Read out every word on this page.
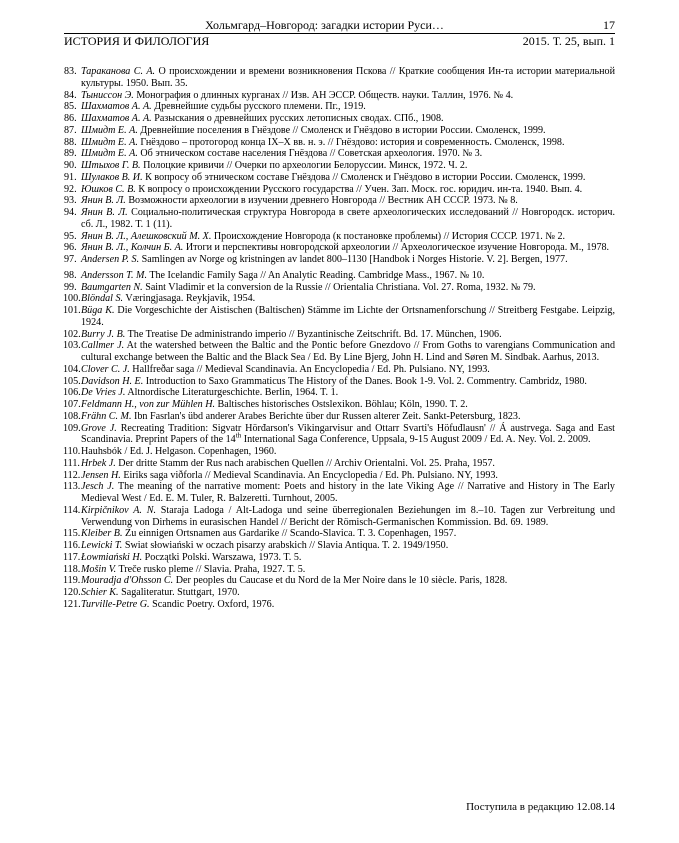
Хольмгард–Новгород: загадки истории Руси…	17
ИСТОРИЯ И ФИЛОЛОГИЯ	2015. Т. 25, вып. 1
83. Тараканова С. А. О происхождении и времени возникновения Пскова // Краткие сообщения Ин-та истории материальной культуры. 1950. Вып. 35.
84. Тынисcон Э. Монография о длинных курганах // Изв. АН ЭССР. Обществ. науки. Таллин, 1976. № 4.
85. Шахматов А. А. Древнейшие судьбы русского племени. Пг., 1919.
86. Шахматов А. А. Разыскания о древнейших русских летописных сводах. СПб., 1908.
87. Шмидт Е. А. Древнейшие поселения в Гнёздове // Смоленск и Гнёздово в истории России. Смоленск, 1999.
88. Шмидт Е. А. Гнёздово – протогород конца IX–X вв. н. э. // Гнёздово: история и современность. Смоленск, 1998.
89. Шмидт Е. А. Об этническом составе населения Гнёздова // Советская археология. 1970. № 3.
90. Штыхов Г. В. Полоцкие кривичи // Очерки по археологии Белоруссии. Минск, 1972. Ч. 2.
91. Шулаков В. И. К вопросу об этническом составе Гнёздова // Смоленск и Гнёздово в истории России. Смоленск, 1999.
92. Юшков С. В. К вопросу о происхождении Русского государства // Учен. Зап. Моск. гос. юридич. ин-та. 1940. Вып. 4.
93. Янин В. Л. Возможности археологии в изучении древнего Новгорода // Вестник АН СССР. 1973. № 8.
94. Янин В. Л. Социально-политическая структура Новгорода в свете археологических исследований // Новгородск. историч. сб. Л., 1982. Т. 1 (11).
95. Янин В. Л., Алешковский М. Х. Происхождение Новгорода (к постановке проблемы) // История СССР. 1971. № 2.
96. Янин В. Л., Колчин Б. А. Итоги и перспективы новгородской археологии // Археологическое изучение Новгорода. М., 1978.
97. Andersen P. S. Samlingen av Norge og kristningen av landet 800–1130 [Handbok i Norges Historie. V. 2]. Bergen, 1977.
98. Andersson T. M. The Icelandic Family Saga // An Analytic Reading. Cambridge Mass., 1967. № 10.
99. Baumgarten N. Saint Vladimir et la conversion de la Russie // Orientalia Christiana. Vol. 27. Roma, 1932. № 79.
100. Blöndal S. Væringjasaga. Reykjavik, 1954.
101. Büga K. Die Vorgeschichte der Aistischen (Baltischen) Stämme im Lichte der Ortsnamenforschung // Streitberg Festgabe. Leipzig, 1924.
102. Burry J. B. The Treatise De administrando imperio // Byzantinische Zeitschrift. Bd. 17. München, 1906.
103. Callmer J. At the watershed between the Baltic and the Pontic before Gnezdovo // From Goths to varengians Communication and cultural exchange between the Baltic and the Black Sea / Ed. By Line Bjerg, John H. Lind and Søren M. Sindbak. Aarhus, 2013.
104. Clover C. J. Hallfreðar saga // Medieval Scandinavia. An Encyclopedia / Ed. Ph. Pulsiano. NY, 1993.
105. Davidson H. E. Introduction to Saxo Grammaticus The History of the Danes. Book 1-9. Vol. 2. Commentry. Cambridz, 1980.
106. De Vries J. Altnordische Literaturgeschichte. Berlin, 1964. T. 1.
107. Feldmann H., von zur Mühlen H. Baltisches historisches Ostslexikon. Böhlau; Köln, 1990. T. 2.
108. Frähn C. M. Ibn Fasrlan's übd anderer Arabes Berichte über dur Russen alterer Zeit. Sankt-Petersburg, 1823.
109. Grove J. Recreating Tradition: Sigvatr Hörđarson's Vikingarvisur and Ottarr Svarti's Höfuđlausn' // Á austrvega. Saga and East Scandinavia. Preprint Papers of the 14th International Saga Conference, Uppsala, 9-15 August 2009 / Ed. A. Ney. Vol. 2. 2009.
110. Hauhsbók / Ed. J. Helgason. Copenhagen, 1960.
111. Hrbek J. Der dritte Stamm der Rus nach arabischen Quellen // Archiv Orientalni. Vol. 25. Praha, 1957.
112. Jensen H. Eiriks saga viðforla // Medieval Scandinavia. An Encyclopedia / Ed. Ph. Pulsiano. NY, 1993.
113. Jesch J. The meaning of the narrative moment: Poets and history in the late Viking Age // Narrative and History in The Early Medieval West / Ed. E. M. Tuler, R. Balzeretti. Turnhout, 2005.
114. Kirpičnikov A. N. Staraja Ladoga / Alt-Ladoga und seine überregionalen Beziehungen im 8.–10. Tagen zur Verbreitung und Verwendung von Dirhems in eurasischen Handel // Bericht der Römisch-Germanischen Kommission. Bd. 69. 1989.
115. Kleiber B. Zu einnigen Ortsnamen aus Gardarike // Scando-Slavica. T. 3. Copenhagen, 1957.
116. Lewicki T. Swiat słowiański w oczach pisarzy arabskich // Slavia Antiqua. T. 2. 1949/1950.
117. Łowmiański H. Początki Polski. Warszawa, 1973. T. 5.
118. Mošin V. Treče rusko pleme // Slavia. Praha, 1927. T. 5.
119. Mouradja d'Ohsson C. Der peoples du Caucase et du Nord de la Mer Noire dans le 10 siècle. Paris, 1828.
120. Schier K. Sagaliteratur. Stuttgart, 1970.
121. Turville-Petre G. Scandic Poetry. Oxford, 1976.
Поступила в редакцию 12.08.14
